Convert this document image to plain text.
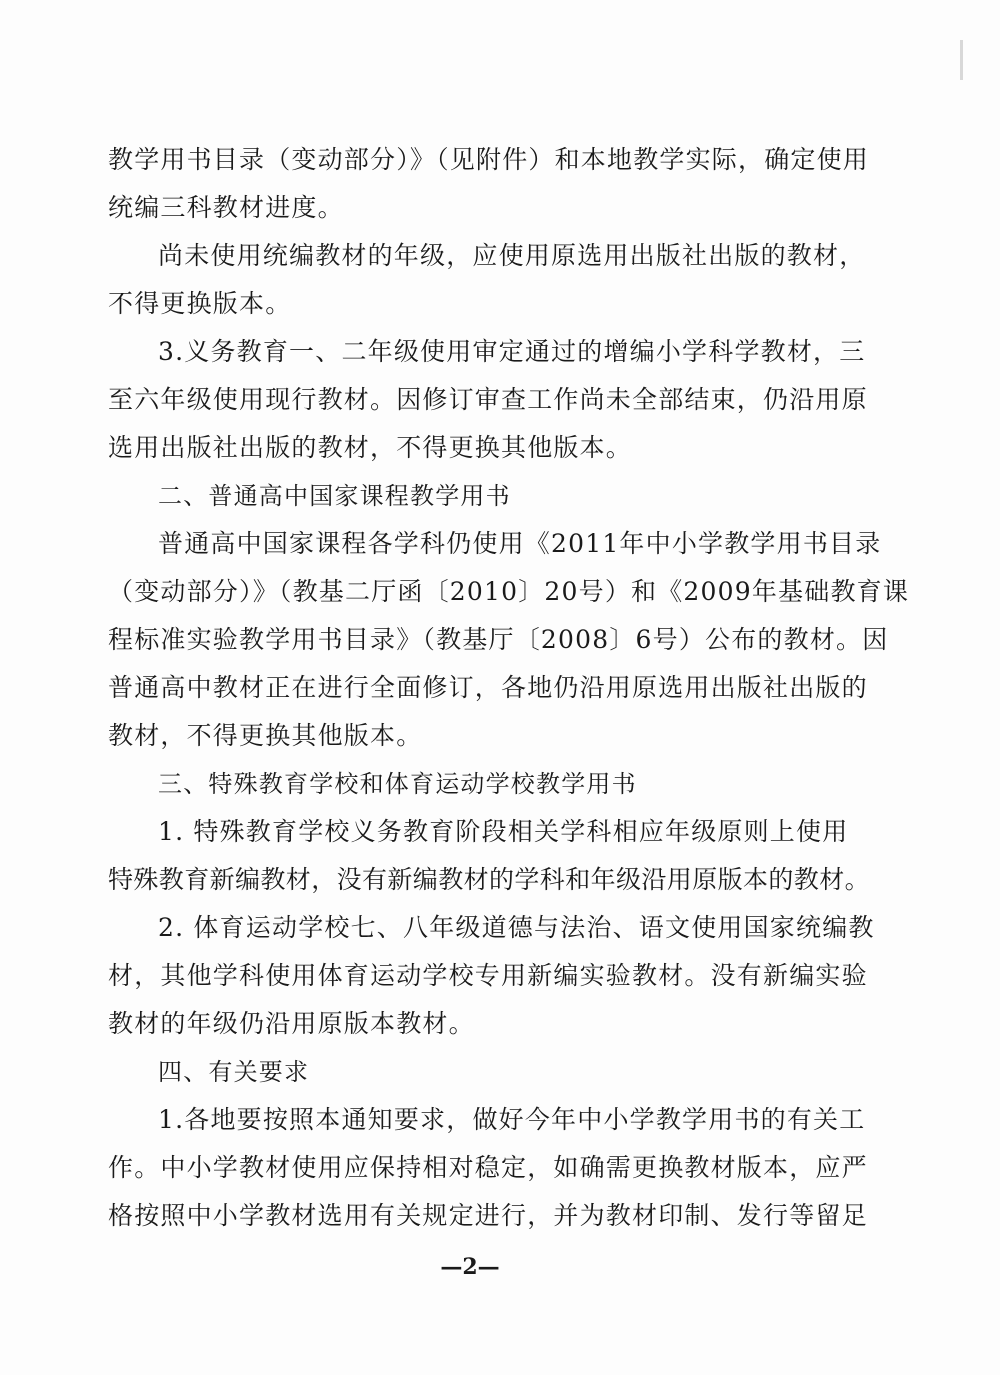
教学用书目录（变动部分）》（见附件）和本地教学实际，确定使用
统编三科教材进度。
尚未使用统编教材的年级，应使用原选用出版社出版的教材，
不得更换版本。
3.义务教育一、二年级使用审定通过的增编小学科学教材，三
至六年级使用现行教材。因修订审查工作尚未全部结束，仍沿用原
选用出版社出版的教材，不得更换其他版本。
二、普通高中国家课程教学用书
普通高中国家课程各学科仍使用《2011年中小学教学用书目录
（变动部分）》（教基二厅函〔2010〕20号）和《2009年基础教育课
程标准实验教学用书目录》（教基厅〔2008〕6号）公布的教材。因
普通高中教材正在进行全面修订，各地仍沿用原选用出版社出版的
教材，不得更换其他版本。
三、特殊教育学校和体育运动学校教学用书
1. 特殊教育学校义务教育阶段相关学科相应年级原则上使用
特殊教育新编教材，没有新编教材的学科和年级沿用原版本的教材。
2. 体育运动学校七、八年级道德与法治、语文使用国家统编教
材，其他学科使用体育运动学校专用新编实验教材。没有新编实验
教材的年级仍沿用原版本教材。
四、有关要求
1.各地要按照本通知要求，做好今年中小学教学用书的有关工
作。中小学教材使用应保持相对稳定，如确需更换教材版本，应严
格按照中小学教材选用有关规定进行，并为教材印制、发行等留足
—2—
